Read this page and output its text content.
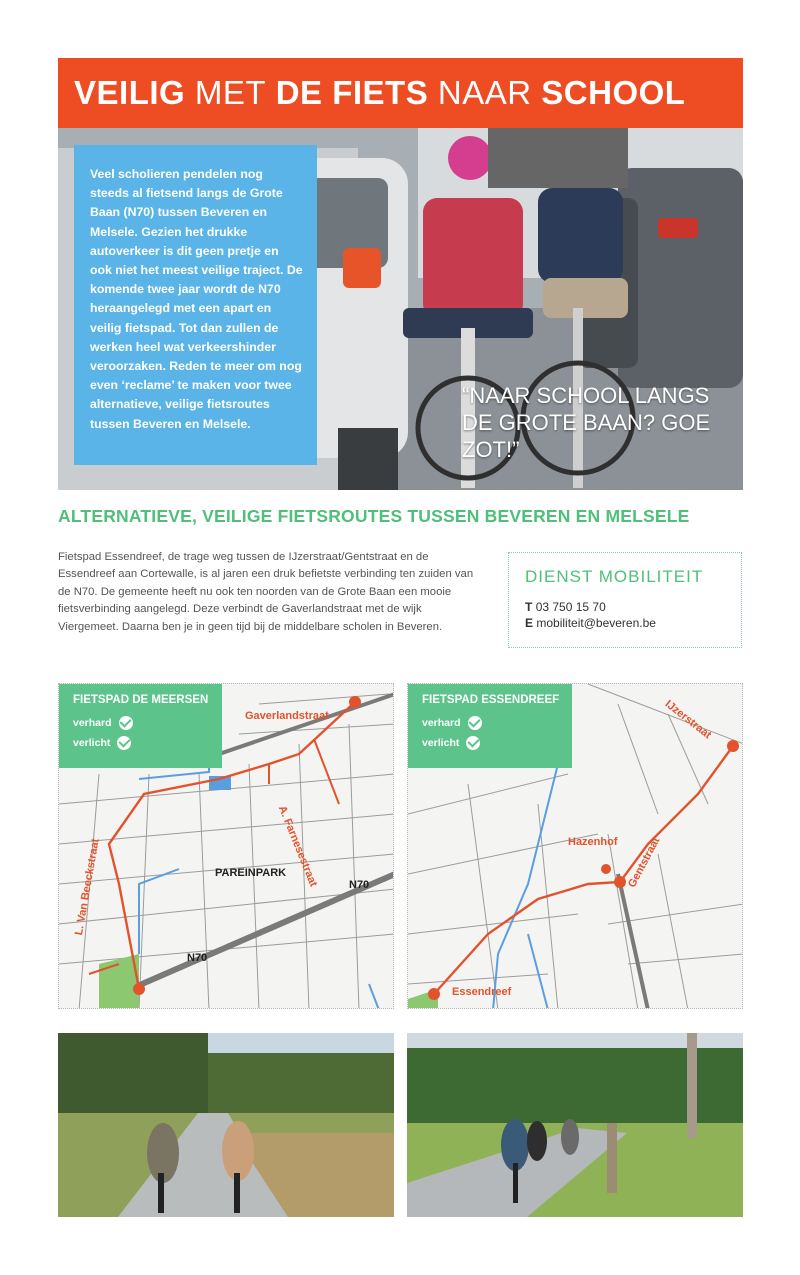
VEILIG
MET
DE FIETS
NAAR
SCHOOL

Veel scholieren pendelen nog steeds al fietsend langs de Grote Baan (N70) tussen Beveren en Melsele. Gezien het drukke autoverkeer is dit geen pretje en ook niet het meest veilige traject. De komende twee jaar wordt de N70 heraangelegd met een apart en veilig fietspad. Tot dan zullen de werken heel wat verkeershinder veroorzaken. Reden te meer om nog even ‘reclame’ te maken voor twee alternatieve, veilige fietsroutes tussen Beveren en Melsele.

“NAAR SCHOOL LANGS DE GROTE BAAN? GOE ZOT!”
ALTERNATIEVE, VEILIGE FIETSROUTES TUSSEN BEVEREN EN MELSELE
Fietspad Essendreef, de trage weg tussen de IJzerstraat/Gentstraat en de Essendreef aan Cortewalle, is al jaren een druk befietste verbinding ten zuiden van de N70. De gemeente heeft nu ook ten noorden van de Grote Baan een mooie fietsverbinding aangelegd. Deze verbindt de Gaverlandstraat met de wijk Viergemeet. Daarna ben je in geen tijd bij de middelbare scholen in Beveren.
DIENST MOBILITEIT
T 03 750 15 70
E mobiliteit@beveren.be
FIETSPAD DE MEERSEN
verhard
verlicht
Gaverlandstraat
A. Farnesestraat
L. Van Beeckstraat	PAREINPARK
N70
N70
FIETSPAD ESSENDREEF
verhard
verlicht
IJzerstraat
Hazenhof Gentstraat
Essendreef
